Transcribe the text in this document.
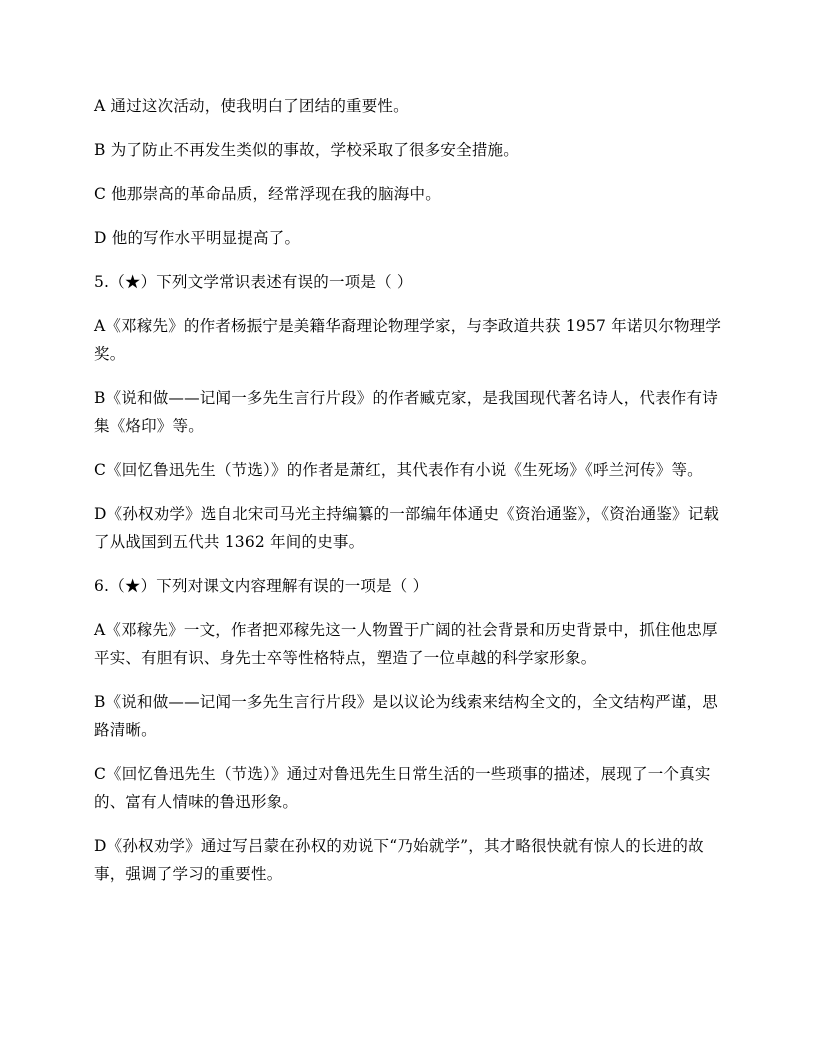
A 通过这次活动，使我明白了团结的重要性。

B 为了防止不再发生类似的事故，学校采取了很多安全措施。

C 他那崇高的革命品质，经常浮现在我的脑海中。

D 他的写作水平明显提高了。

5.（★）下列文学常识表述有误的一项是（ ）

A《邓稼先》的作者杨振宁是美籍华裔理论物理学家，与李政道共获 1957 年诺贝尔物理学奖。

B《说和做——记闻一多先生言行片段》的作者臧克家，是我国现代著名诗人，代表作有诗集《烙印》等。

C《回忆鲁迅先生（节选）》的作者是萧红，其代表作有小说《生死场》《呼兰河传》等。

D《孙权劝学》选自北宋司马光主持编纂的一部编年体通史《资治通鉴》，《资治通鉴》记载了从战国到五代共 1362 年间的史事。

6.（★）下列对课文内容理解有误的一项是（ ）

A《邓稼先》一文，作者把邓稼先这一人物置于广阔的社会背景和历史背景中，抓住他忠厚平实、有胆有识、身先士卒等性格特点，塑造了一位卓越的科学家形象。

B《说和做——记闻一多先生言行片段》是以议论为线索来结构全文的，全文结构严谨，思路清晰。

C《回忆鲁迅先生（节选）》通过对鲁迅先生日常生活的一些琐事的描述，展现了一个真实的、富有人情味的鲁迅形象。

D《孙权劝学》通过写吕蒙在孙权的劝说下“乃始就学”，其才略很快就有惊人的长进的故事，强调了学习的重要性。
